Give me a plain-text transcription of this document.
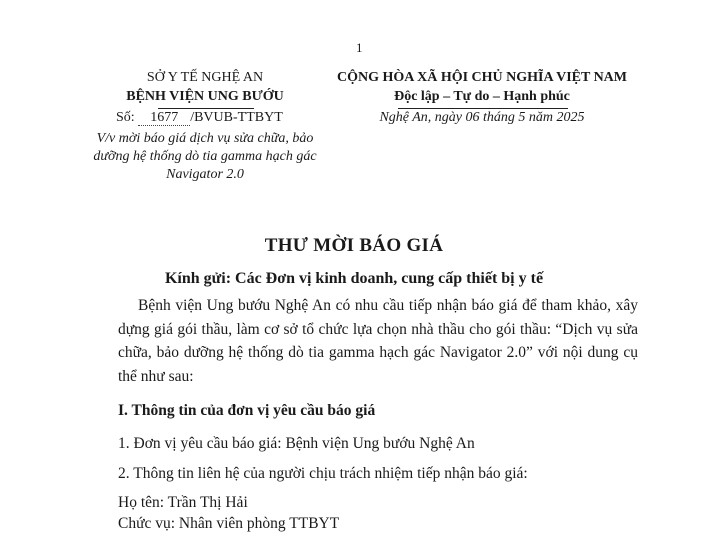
1
SỞ Y TẾ NGHỆ AN
BỆNH VIỆN UNG BƯỚU
Số: 1677 /BVUB-TTBYT
V/v mời báo giá dịch vụ sửa chữa, bảo dưỡng hệ thống dò tia gamma hạch gác Navigator 2.0
CỘNG HÒA XÃ HỘI CHỦ NGHĨA VIỆT NAM
Độc lập – Tự do – Hạnh phúc
Nghệ An, ngày 06 tháng 5 năm 2025
THƯ MỜI BÁO GIÁ
Kính gửi: Các Đơn vị kinh doanh, cung cấp thiết bị y tế
Bệnh viện Ung bướu Nghệ An có nhu cầu tiếp nhận báo giá để tham khảo, xây dựng giá gói thầu, làm cơ sở tổ chức lựa chọn nhà thầu cho gói thầu: “Dịch vụ sửa chữa, bảo dưỡng hệ thống dò tia gamma hạch gác Navigator 2.0” với nội dung cụ thể như sau:
I. Thông tin của đơn vị yêu cầu báo giá
1. Đơn vị yêu cầu báo giá: Bệnh viện Ung bướu Nghệ An
2. Thông tin liên hệ của người chịu trách nhiệm tiếp nhận báo giá:
Họ tên: Trần Thị Hải
Chức vụ: Nhân viên phòng TTBYT
